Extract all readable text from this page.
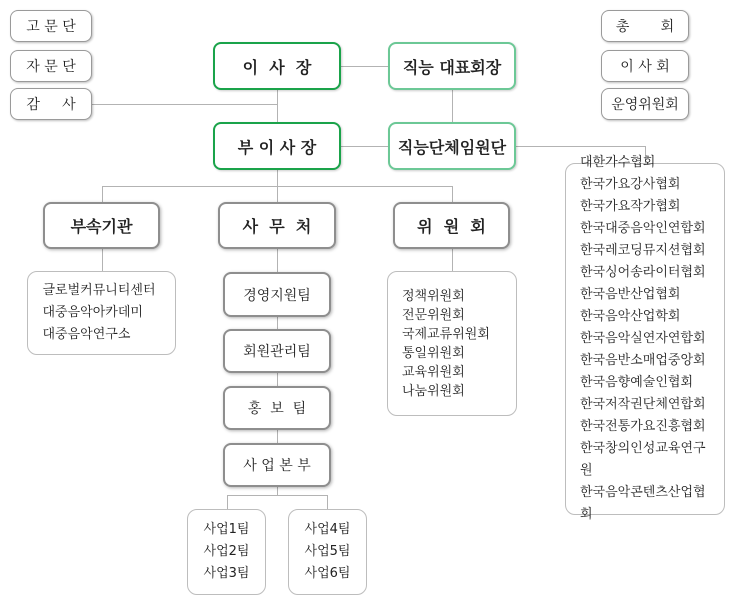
고 문 단
자 문 단
감     사
총       회
이 사 회
운영위원회
이  사  장	직능 대표회장
부 이 사 장	직능단체임원단
부속기관	사  무  처	위  원  회
글로벌커뮤니티센터
대중음악아카데미
대중음악연구소
정책위원회
전문위원회
국제교류위원회
통일위원회
교육위원회
나눔위원회
경영지원팀
회원관리팀
홍  보  팀
사 업 본 부
사업1팀
사업2팀
사업3팀
사업4팀
사업5팀
사업6팀
대한가수협회
한국가요강사협회
한국가요작가협회
한국대중음악인연합회
한국레코딩뮤지션협회
한국싱어송라이터협회
한국음반산업협회
한국음악산업학회
한국음악실연자연합회
한국음반소매업중앙회
한국음향예술인협회
한국저작권단체연합회
한국전통가요진흥협회
한국창의인성교육연구원
한국음악콘텐츠산업협회
